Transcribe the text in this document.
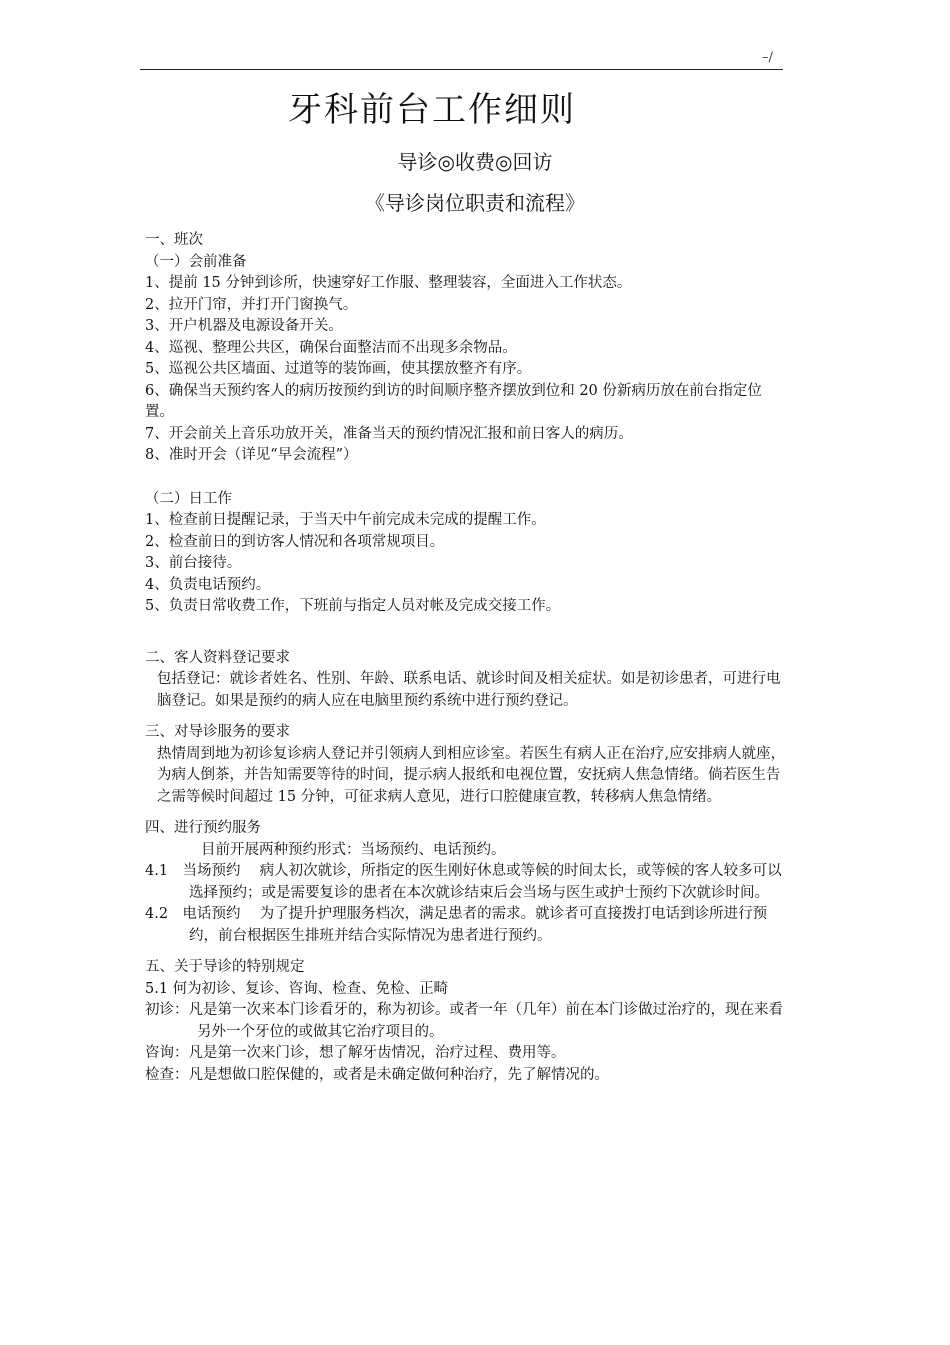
–/
牙科前台工作细则
导诊◎收费◎回访
《导诊岗位职责和流程》
一、班次
（一）会前准备
1、提前 15 分钟到诊所，快速穿好工作服、整理装容，全面进入工作状态。
2、拉开门帘，并打开门窗换气。
3、开户机器及电源设备开关。
4、巡视、整理公共区，确保台面整洁而不出现多余物品。
5、巡视公共区墙面、过道等的装饰画，使其摆放整齐有序。
6、确保当天预约客人的病历按预约到访的时间顺序整齐摆放到位和 20 份新病历放在前台指定位置。
7、开会前关上音乐功放开关，准备当天的预约情况汇报和前日客人的病历。
8、准时开会（详见“早会流程”）
（二）日工作
1、检查前日提醒记录，于当天中午前完成未完成的提醒工作。
2、检查前日的到访客人情况和各项常规项目。
3、前台接待。
4、负责电话预约。
5、负责日常收费工作，下班前与指定人员对帐及完成交接工作。
二、客人资料登记要求
包括登记：就诊者姓名、性别、年龄、联系电话、就诊时间及相关症状。如是初诊患者，可进行电脑登记。如果是预约的病人应在电脑里预约系统中进行预约登记。
三、对导诊服务的要求
热情周到地为初诊复诊病人登记并引领病人到相应诊室。若医生有病人正在治疗,应安排病人就座，为病人倒茶，并告知需要等待的时间，提示病人报纸和电视位置，安抚病人焦急情绪。倘若医生告之需等候时间超过 15 分钟，可征求病人意见，进行口腔健康宣教，转移病人焦急情绪。
四、进行预约服务
目前开展两种预约形式：当场预约、电话预约。
4.1　当场预约　 病人初次就诊，所指定的医生刚好休息或等候的时间太长，或等候的客人较多可以选择预约；或是需要复诊的患者在本次就诊结束后会当场与医生或护士预约下次就诊时间。
4.2　电话预约　 为了提升护理服务档次，满足患者的需求。就诊者可直接拨打电话到诊所进行预约，前台根据医生排班并结合实际情况为患者进行预约。
五、关于导诊的特别规定
5.1 何为初诊、复诊、咨询、检查、免检、正畸
初诊：凡是第一次来本门诊看牙的，称为初诊。或者一年（几年）前在本门诊做过治疗的，现在来看另外一个牙位的或做其它治疗项目的。
咨询：凡是第一次来门诊，想了解牙齿情况，治疗过程、费用等。
检查：凡是想做口腔保健的，或者是未确定做何种治疗，先了解情况的。
